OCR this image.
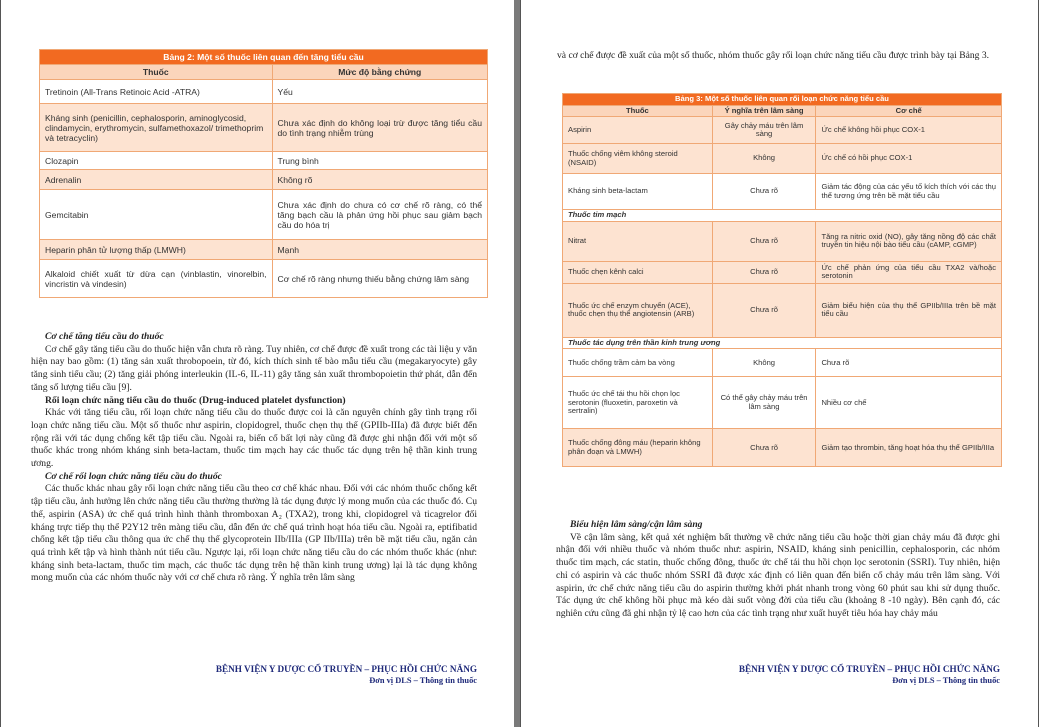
Bảng 2: Một số thuốc liên quan đến tăng tiểu cầu	
Thuốc	Mức độ bằng chứng
Tretinoin (All-Trans Retinoic Acid -ATRA)	Yếu
Kháng sinh (penicillin, cephalosporin, aminoglycosid, clindamycin, erythromycin, sulfamethoxazol/ trimethoprim và tetracyclin)	Chưa xác định do không loại trừ được tăng tiểu cầu do tình trạng nhiễm trùng
Clozapin	Trung bình
Adrenalin	Không rõ
Gemcitabin	Chưa xác định do chưa có cơ chế rõ ràng, có thể tăng bạch cầu là phản ứng hồi phục sau giảm bạch cầu do hóa trị
Heparin phân tử lượng thấp (LMWH)	Mạnh
Alkaloid chiết xuất từ dừa cạn (vinblastin, vinorelbin, vincristin và vindesin)	Cơ chế rõ ràng nhưng thiếu bằng chứng lâm sàng

Cơ chế tăng tiểu cầu do thuốc

Cơ chế gây tăng tiểu cầu do thuốc hiện vẫn chưa rõ ràng. Tuy nhiên, cơ chế được đề xuất trong các tài liệu y văn hiện nay bao gồm: (1) tăng sản xuất throbopoein, từ đó, kích thích sinh tế bào mẫu tiểu cầu (megakaryocyte) gây tăng sinh tiểu cầu; (2) tăng giải phóng interleukin (IL-6, IL-11) gây tăng sản xuất thrombopoietin thứ phát, dẫn đến tăng số lượng tiểu cầu [9].

Rối loạn chức năng tiểu cầu do thuốc (Drug-induced platelet dysfunction)

Khác với tăng tiểu cầu, rối loạn chức năng tiểu cầu do thuốc được coi là căn nguyên chính gây tình trạng rối loạn chức năng tiểu cầu. Một số thuốc như aspirin, clopidogrel, thuốc chẹn thụ thể (GPIIb-IIIa) đã được biết đến rộng rãi với tác dụng chống kết tập tiểu cầu. Ngoài ra, biến cố bất lợi này cũng đã được ghi nhận đối với một số thuốc khác trong nhóm kháng sinh beta-lactam, thuốc tim mạch hay các thuốc tác dụng trên hệ thần kinh trung ương.

Cơ chế rối loạn chức năng tiểu cầu do thuốc

Các thuốc khác nhau gây rối loạn chức năng tiểu cầu theo cơ chế khác nhau. Đối với các nhóm thuốc chống kết tập tiểu cầu, ảnh hưởng lên chức năng tiểu cầu thường thường là tác dụng được lý mong muốn của các thuốc đó. Cụ thể, aspirin (ASA) ức chế quá trình hình thành thromboxan A₂ (TXA2), trong khi, clopidogrel và ticagrelor đối kháng trực tiếp thụ thể P2Y12 trên màng tiểu cầu, dẫn đến ức chế quá trình hoạt hóa tiểu cầu. Ngoài ra, eptifibatid chống kết tập tiểu cầu thông qua ức chế thụ thể glycoprotein IIb/IIIa (GP IIb/IIIa) trên bề mặt tiểu cầu, ngăn cản quá trình kết tập và hình thành nút tiểu cầu. Ngược lại, rối loạn chức năng tiểu cầu do các nhóm thuốc khác (như: kháng sinh beta-lactam, thuốc tim mạch, các thuốc tác dụng trên hệ thần kinh trung ương) lại là tác dụng không mong muốn của các nhóm thuốc này với cơ chế chưa rõ ràng. Ý nghĩa trên lâm sàng

BỆNH VIỆN Y DƯỢC CỔ TRUYỀN – PHỤC HỒI CHỨC NĂNG
Đơn vị DLS – Thông tin thuốc

và cơ chế được đề xuất của một số thuốc, nhóm thuốc gây rối loạn chức năng tiểu cầu được trình bày tại Bảng 3.

Bảng 3: Một số thuốc liên quan rối loạn chức năng tiểu cầu		
Thuốc	Ý nghĩa trên lâm sàng	Cơ chế
Aspirin	Gây chảy máu trên lâm sàng	Ức chế không hồi phục COX-1
Thuốc chống viêm không steroid (NSAID)	Không	Ức chế có hồi phục COX-1
Kháng sinh beta-lactam	Chưa rõ	Giảm tác động của các yếu tố kích thích với các thụ thể tương ứng trên bề mặt tiểu cầu
Thuốc tim mạch		
Nitrat	Chưa rõ	Tăng ra nitric oxid (NO), gây tăng nồng độ các chất truyền tin hiệu nội bào tiểu cầu (cAMP, cGMP)
Thuốc chẹn kênh calci	Chưa rõ	Ức chế phản ứng của tiểu cầu TXA2 và/hoặc serotonin
Thuốc ức chế enzym chuyển (ACE), thuốc chẹn thụ thể angiotensin (ARB)	Chưa rõ	Giảm biểu hiện của thụ thể GPIIb/IIIa trên bề mặt tiểu cầu
Thuốc tác dụng trên thần kinh trung ương		
Thuốc chống trầm cảm ba vòng	Không	Chưa rõ
Thuốc ức chế tái thu hồi chọn lọc serotonin (fluoxetin, paroxetin và sertralin)	Có thể gây chảy máu trên lâm sàng	Nhiều cơ chế
Thuốc chống đông máu (heparin không phân đoạn và LMWH)	Chưa rõ	Giảm tạo thrombin, tăng hoạt hóa thụ thể GPIIb/IIIa

Biểu hiện lâm sàng/cận lâm sàng

Về cận lâm sàng, kết quả xét nghiệm bất thường về chức năng tiểu cầu hoặc thời gian chảy máu đã được ghi nhận đối với nhiều thuốc và nhóm thuốc như: aspirin, NSAID, kháng sinh penicillin, cephalosporin, các nhóm thuốc tim mạch, các statin, thuốc chống đông, thuốc ức chế tái thu hồi chọn lọc serotonin (SSRI). Tuy nhiên, hiện chỉ có aspirin và các thuốc nhóm SSRI đã được xác định có liên quan đến biến cố chảy máu trên lâm sàng. Với aspirin, ức chế chức năng tiểu cầu do aspirin thường khởi phát nhanh trong vòng 60 phút sau khi sử dụng thuốc. Tác dụng ức chế không hồi phục mà kéo dài suốt vòng đời của tiểu cầu (khoảng 8 -10 ngày). Bên cạnh đó, các nghiên cứu cũng đã ghi nhận tỷ lệ cao hơn của các tình trạng như xuất huyết tiêu hóa hay chảy máu

BỆNH VIỆN Y DƯỢC CỔ TRUYỀN – PHỤC HỒI CHỨC NĂNG
Đơn vị DLS – Thông tin thuốc
